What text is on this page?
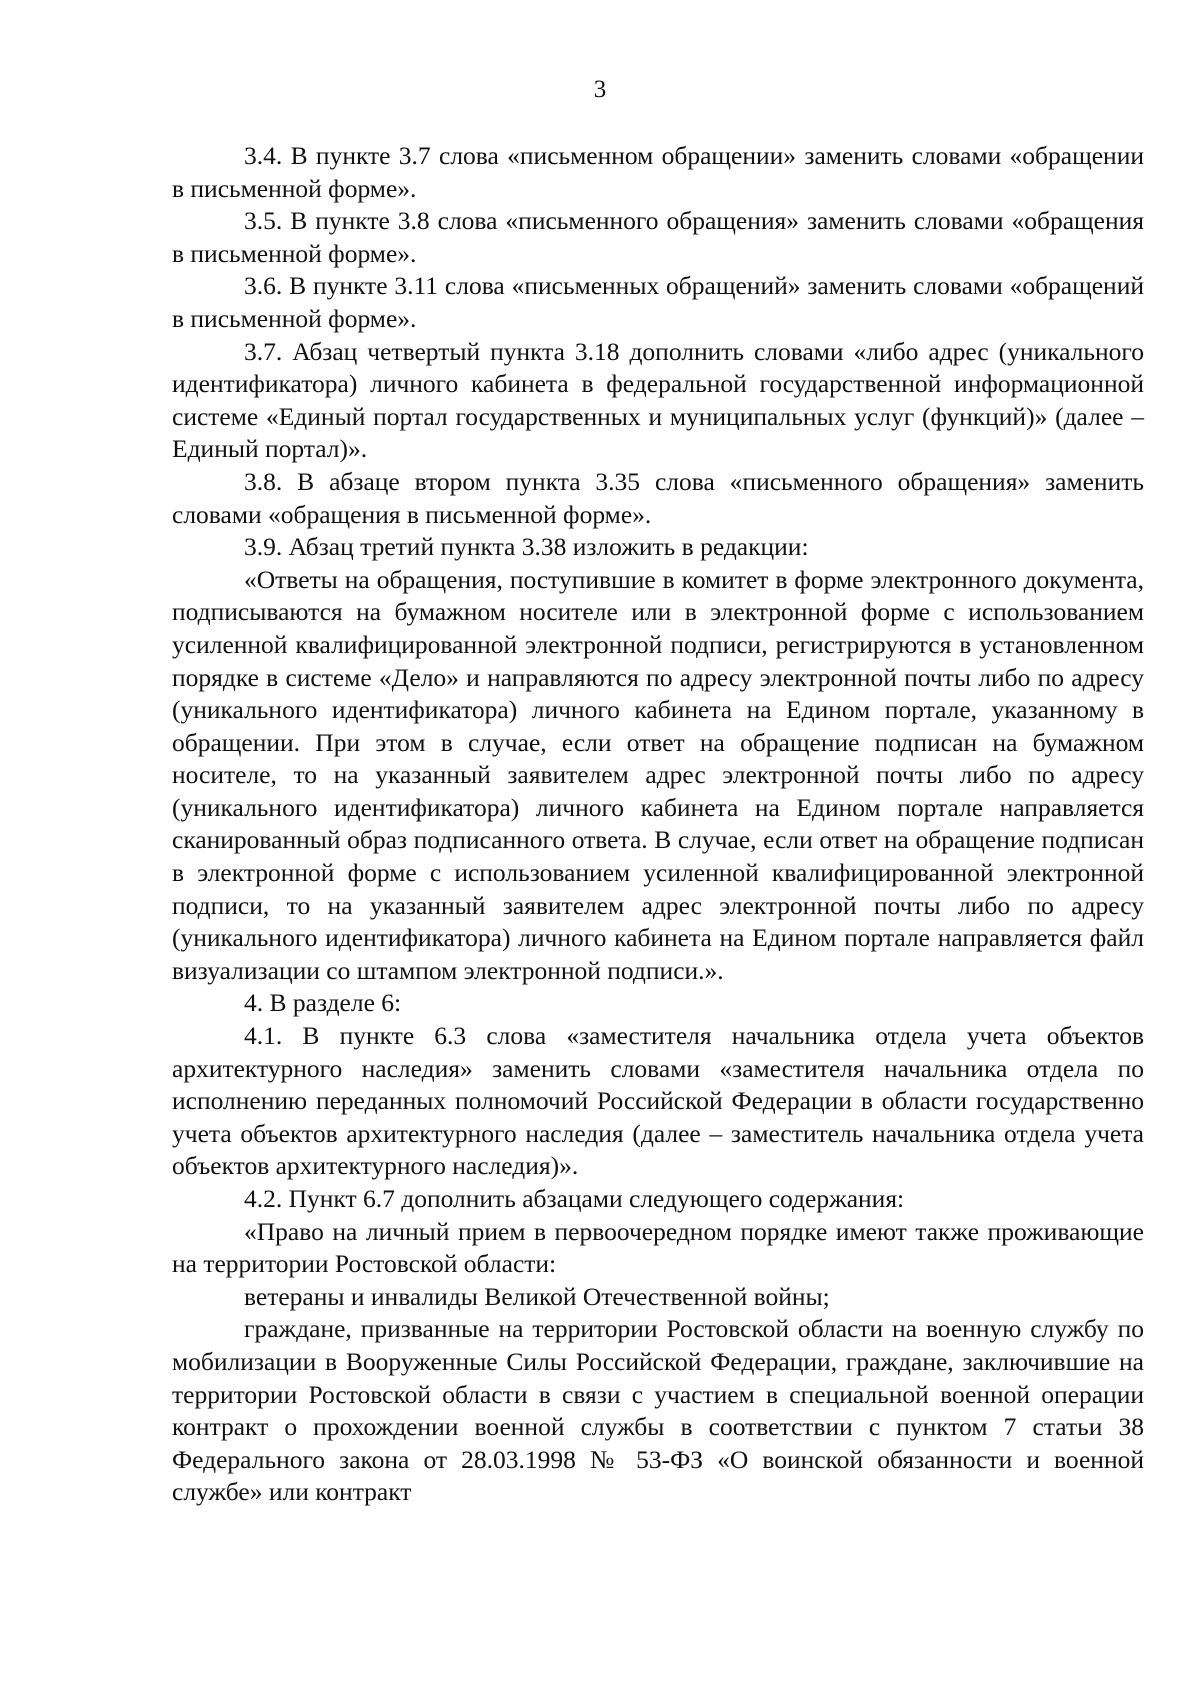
3

3.4. В пункте 3.7 слова «письменном обращении» заменить словами «обращении в письменной форме».

3.5. В пункте 3.8 слова «письменного обращения» заменить словами «обращения в письменной форме».

3.6. В пункте 3.11 слова «письменных обращений» заменить словами «обращений в письменной форме».

3.7. Абзац четвертый пункта 3.18 дополнить словами «либо адрес (уникального идентификатора) личного кабинета в федеральной государственной информационной системе «Единый портал государственных и муниципальных услуг (функций)» (далее – Единый портал)».

3.8. В абзаце втором пункта 3.35 слова «письменного обращения» заменить словами «обращения в письменной форме».

3.9. Абзац третий пункта 3.38 изложить в редакции:

«Ответы на обращения, поступившие в комитет в форме электронного документа, подписываются на бумажном носителе или в электронной форме с использованием усиленной квалифицированной электронной подписи, регистрируются в установленном порядке в системе «Дело» и направляются по адресу электронной почты либо по адресу (уникального идентификатора) личного кабинета на Едином портале, указанному в обращении. При этом в случае, если ответ на обращение подписан на бумажном носителе, то на указанный заявителем адрес электронной почты либо по адресу (уникального идентификатора) личного кабинета на Едином портале направляется сканированный образ подписанного ответа. В случае, если ответ на обращение подписан в электронной форме с использованием усиленной квалифицированной электронной подписи, то на указанный заявителем адрес электронной почты либо по адресу (уникального идентификатора) личного кабинета на Едином портале направляется файл визуализации со штампом электронной подписи.».

4. В разделе 6:

4.1. В пункте 6.3 слова «заместителя начальника отдела учета объектов архитектурного наследия» заменить словами «заместителя начальника отдела по исполнению переданных полномочий Российской Федерации в области государственно учета объектов архитектурного наследия (далее – заместитель начальника отдела учета объектов архитектурного наследия)».

4.2. Пункт 6.7 дополнить абзацами следующего содержания:

«Право на личный прием в первоочередном порядке имеют также проживающие на территории Ростовской области:

ветераны и инвалиды Великой Отечественной войны;

граждане, призванные на территории Ростовской области на военную службу по мобилизации в Вооруженные Силы Российской Федерации, граждане, заключившие на территории Ростовской области в связи с участием в специальной военной операции контракт о прохождении военной службы в соответствии с пунктом 7 статьи 38 Федерального закона от 28.03.1998 № 53-ФЗ «О воинской обязанности и военной службе» или контракт
